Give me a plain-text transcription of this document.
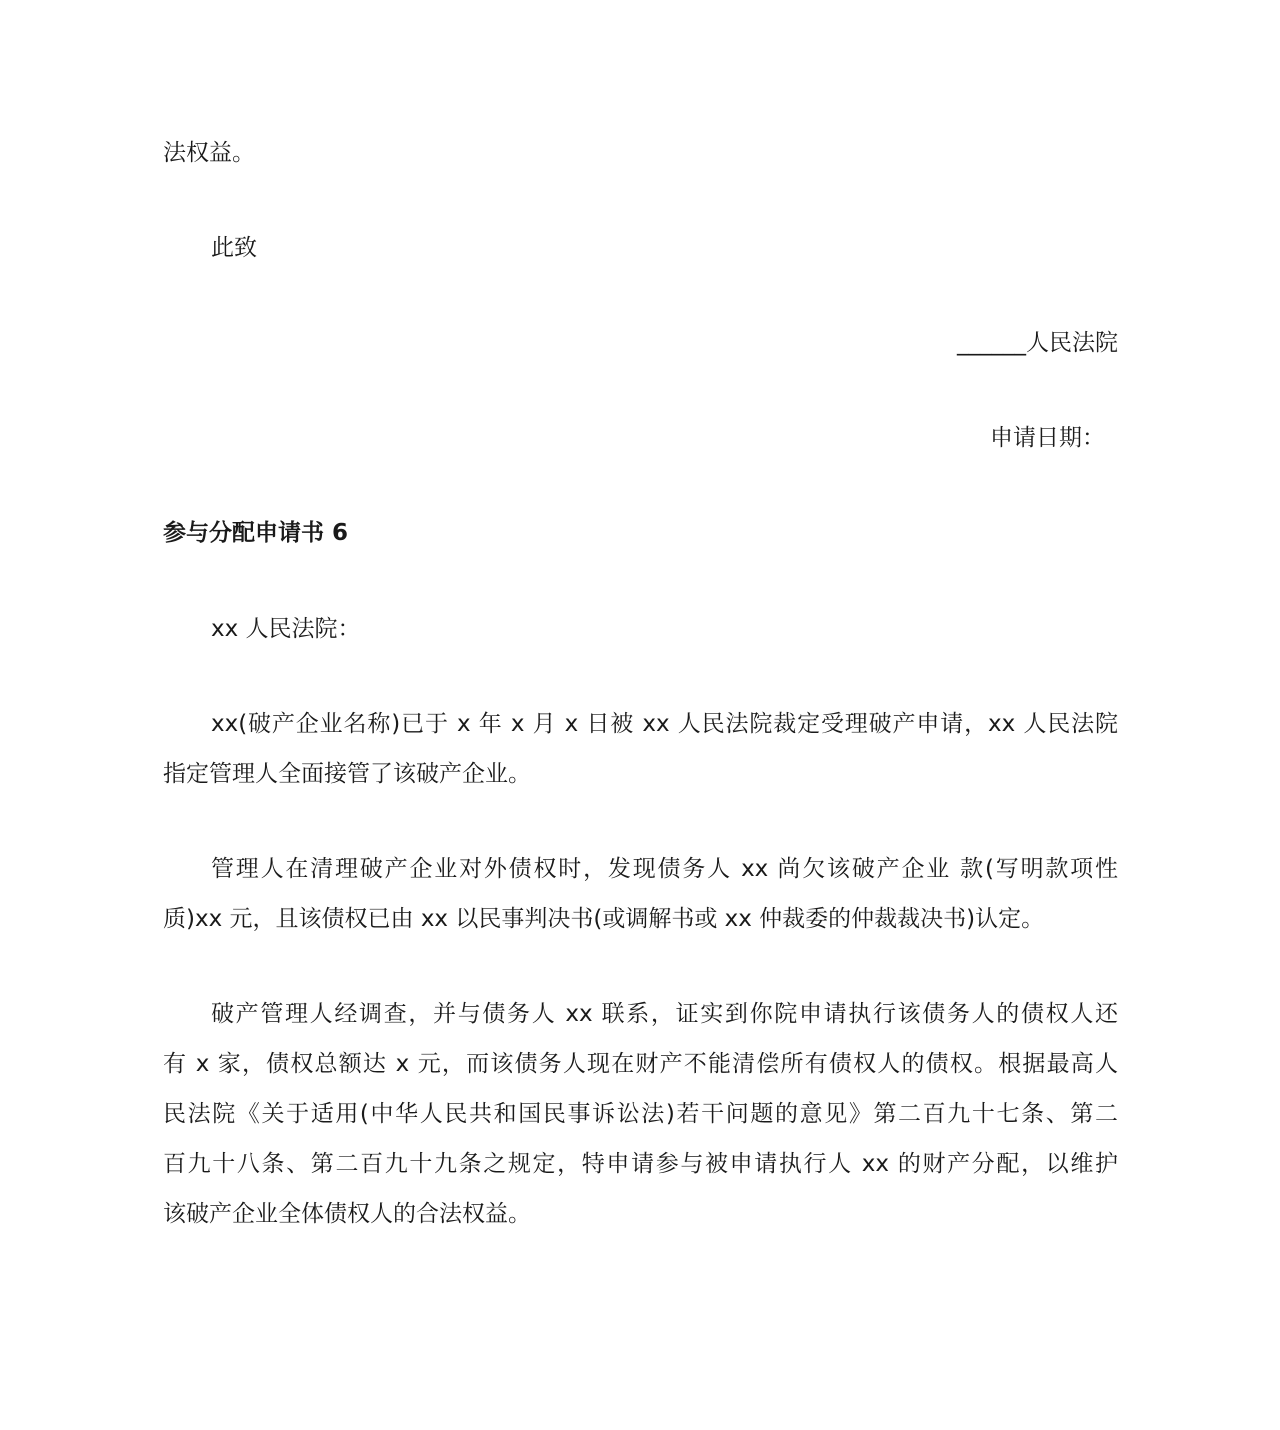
法权益。

此致

______人民法院

申请日期：

参与分配申请书 6

xx 人民法院：

xx(破产企业名称)已于 x 年 x 月 x 日被 xx 人民法院裁定受理破产申请，xx 人民法院

指定管理人全面接管了该破产企业。

管理人在清理破产企业对外债权时，发现债务人 xx 尚欠该破产企业 款(写明款项性

质)xx 元，且该债权已由 xx 以民事判决书(或调解书或 xx 仲裁委的仲裁裁决书)认定。

破产管理人经调查，并与债务人 xx 联系，证实到你院申请执行该债务人的债权人还

有 x 家，债权总额达 x 元，而该债务人现在财产不能清偿所有债权人的债权。根据最高人

民法院《关于适用(中华人民共和国民事诉讼法)若干问题的意见》第二百九十七条、第二

百九十八条、第二百九十九条之规定，特申请参与被申请执行人 xx 的财产分配，以维护

该破产企业全体债权人的合法权益。
